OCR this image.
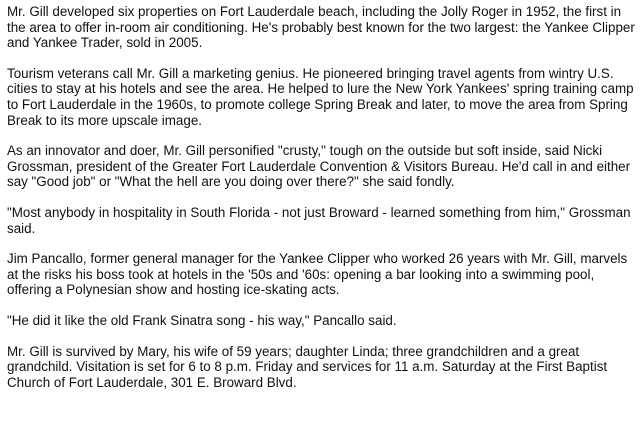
Mr. Gill developed six properties on Fort Lauderdale beach, including the Jolly Roger in 1952, the first in the area to offer in-room air conditioning. He's probably best known for the two largest: the Yankee Clipper and Yankee Trader, sold in 2005.

Tourism veterans call Mr. Gill a marketing genius. He pioneered bringing travel agents from wintry U.S. cities to stay at his hotels and see the area. He helped to lure the New York Yankees' spring training camp to Fort Lauderdale in the 1960s, to promote college Spring Break and later, to move the area from Spring Break to its more upscale image.

As an innovator and doer, Mr. Gill personified "crusty," tough on the outside but soft inside, said Nicki Grossman, president of the Greater Fort Lauderdale Convention & Visitors Bureau. He'd call in and either say "Good job" or "What the hell are you doing over there?" she said fondly.

"Most anybody in hospitality in South Florida - not just Broward - learned something from him," Grossman said.

Jim Pancallo, former general manager for the Yankee Clipper who worked 26 years with Mr. Gill, marvels at the risks his boss took at hotels in the '50s and '60s: opening a bar looking into a swimming pool, offering a Polynesian show and hosting ice-skating acts.

"He did it like the old Frank Sinatra song - his way," Pancallo said.

Mr. Gill is survived by Mary, his wife of 59 years; daughter Linda; three grandchildren and a great grandchild. Visitation is set for 6 to 8 p.m. Friday and services for 11 a.m. Saturday at the First Baptist Church of Fort Lauderdale, 301 E. Broward Blvd.
